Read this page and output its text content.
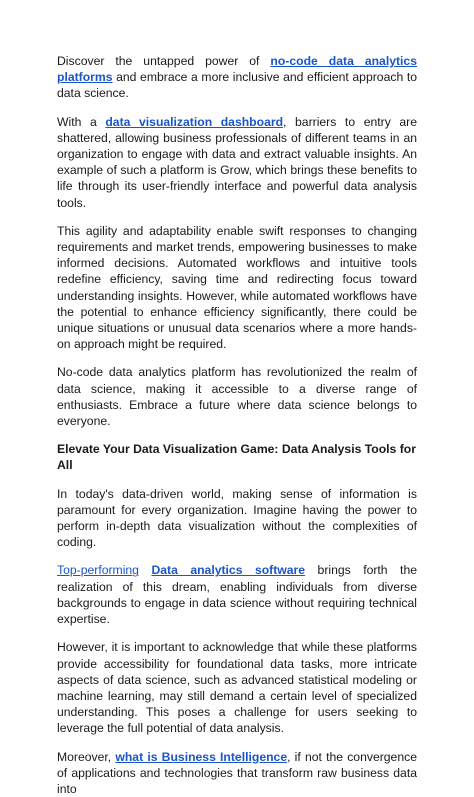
Discover the untapped power of no-code data analytics platforms and embrace a more inclusive and efficient approach to data science.

With a data visualization dashboard, barriers to entry are shattered, allowing business professionals of different teams in an organization to engage with data and extract valuable insights. An example of such a platform is Grow, which brings these benefits to life through its user-friendly interface and powerful data analysis tools.

This agility and adaptability enable swift responses to changing requirements and market trends, empowering businesses to make informed decisions. Automated workflows and intuitive tools redefine efficiency, saving time and redirecting focus toward understanding insights. However, while automated workflows have the potential to enhance efficiency significantly, there could be unique situations or unusual data scenarios where a more hands-on approach might be required.

No-code data analytics platform has revolutionized the realm of data science, making it accessible to a diverse range of enthusiasts. Embrace a future where data science belongs to everyone.

Elevate Your Data Visualization Game: Data Analysis Tools for All

In today's data-driven world, making sense of information is paramount for every organization. Imagine having the power to perform in-depth data visualization without the complexities of coding.

Top-performing Data analytics software brings forth the realization of this dream, enabling individuals from diverse backgrounds to engage in data science without requiring technical expertise.

However, it is important to acknowledge that while these platforms provide accessibility for foundational data tasks, more intricate aspects of data science, such as advanced statistical modeling or machine learning, may still demand a certain level of specialized understanding. This poses a challenge for users seeking to leverage the full potential of data analysis.

Moreover, what is Business Intelligence, if not the convergence of applications and technologies that transform raw business data into
